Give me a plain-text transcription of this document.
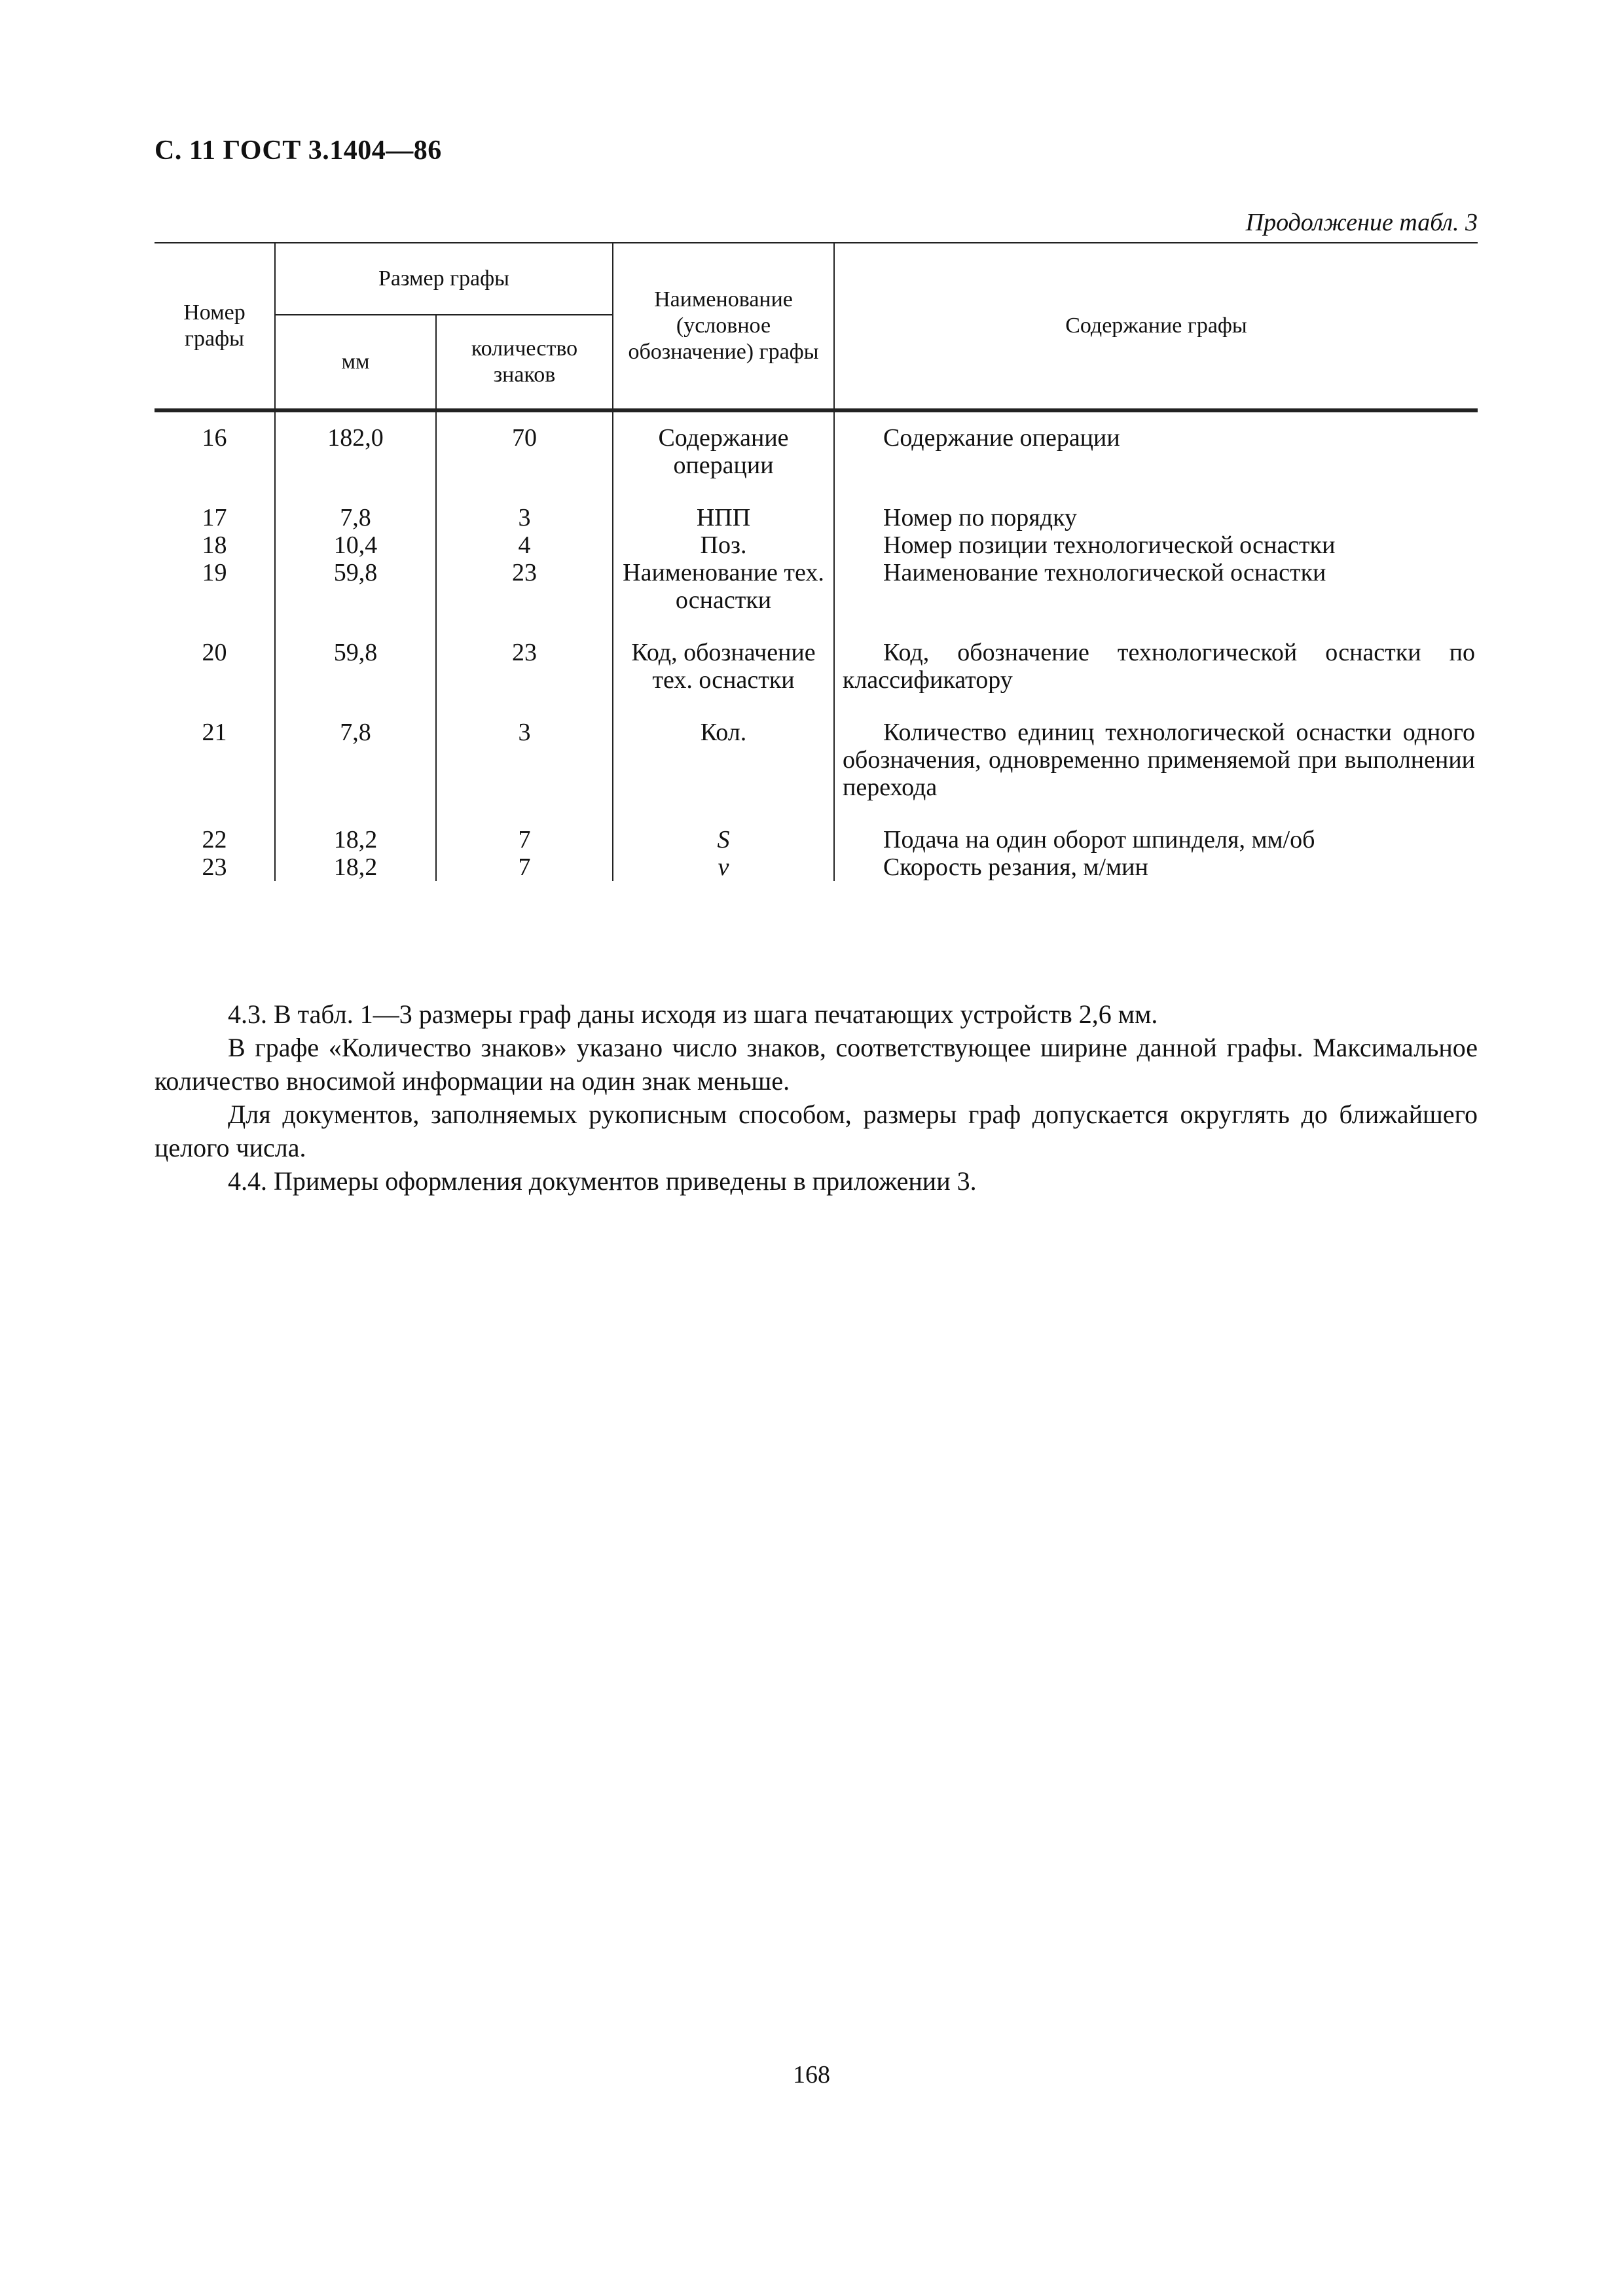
С. 11 ГОСТ 3.1404—86
Продолжение табл. 3
Номер графы	Размер графы		Наименование (условное обозначение) графы	Содержание графы
	мм	количество знаков		
16	182,0	70	Содержание операции	Содержание операции
17	7,8	3	НПП	Номер по порядку
18	10,4	4	Поз.	Номер позиции технологической оснастки
19	59,8	23	Наименование тех. оснастки	Наименование технологической оснастки
20	59,8	23	Код, обозначение тех. оснастки	Код, обозначение технологической оснастки по классификатору
21	7,8	3	Кол.	Количество единиц технологической оснастки одного обозначения, одновременно применяемой при выполнении перехода
22	18,2	7	S	Подача на один оборот шпинделя, мм/об
23	18,2	7	v	Скорость резания, м/мин

4.3. В табл. 1—3 размеры граф даны исходя из шага печатающих устройств 2,6 мм.

В графе «Количество знаков» указано число знаков, соответствующее ширине данной графы. Максимальное количество вносимой информации на один знак меньше.

Для документов, заполняемых рукописным способом, размеры граф допускается округлять до ближайшего целого числа.

4.4. Примеры оформления документов приведены в приложении 3.

168
